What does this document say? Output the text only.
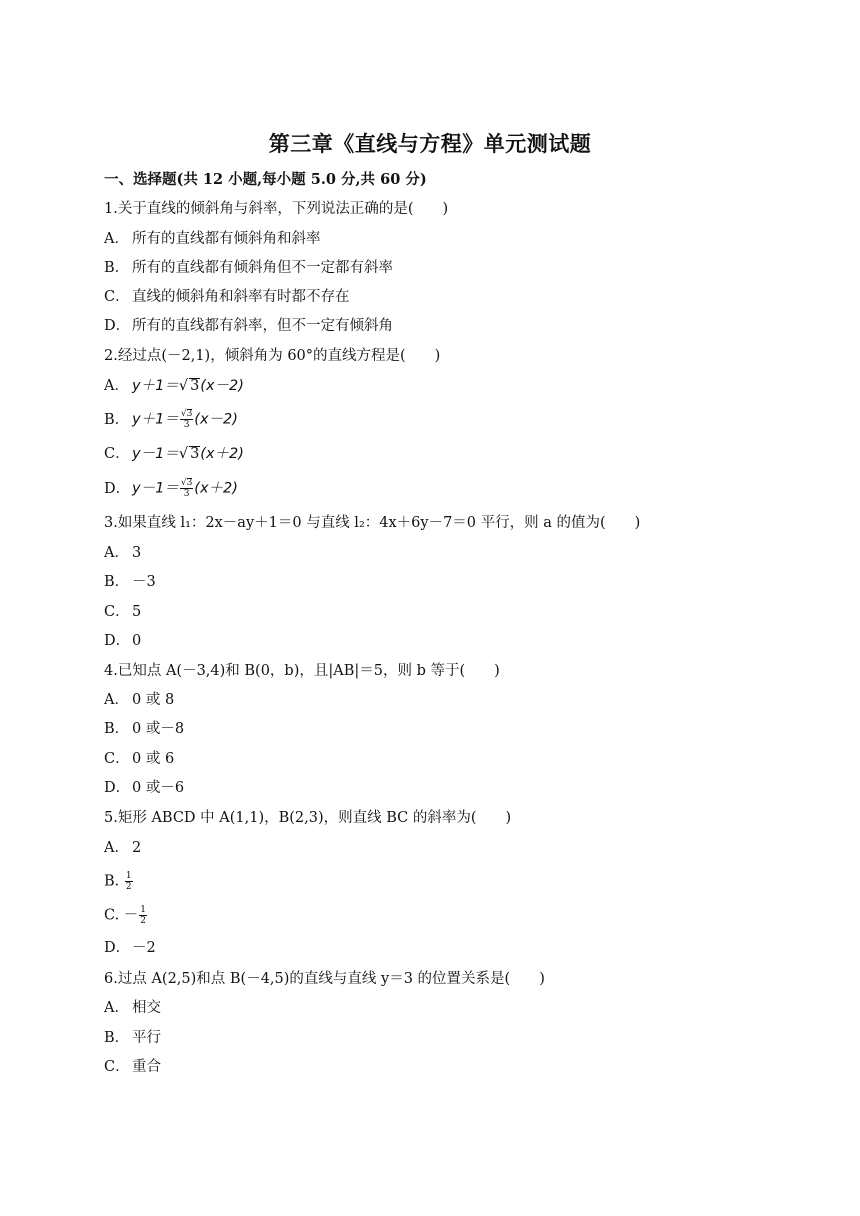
第三章《直线与方程》单元测试题
一、选择题(共 12 小题,每小题 5.0 分,共 60 分)
1.关于直线的倾斜角与斜率，下列说法正确的是(　　)
A． 所有的直线都有倾斜角和斜率
B． 所有的直线都有倾斜角但不一定都有斜率
C． 直线的倾斜角和斜率有时都不存在
D． 所有的直线都有斜率，但不一定有倾斜角
2.经过点(－2,1)，倾斜角为 60°的直线方程是(　　)
A． y＋1＝√ 3(x－2)
B． $y+1= \frac{√3}{3} (x-2)$
C． y－1＝√ 3(x＋2)
D． $y-1= \frac{√3}{3} (x+2)$
3.如果直线 l₁：2x－ay＋1＝0 与直线 l₂：4x＋6y－7＝0 平行，则 a 的值为(　　)
A． 3
B． －3
C． 5
D． 0
4.已知点 A(－3,4)和 B(0，b)，且|AB|＝5，则 b 等于(　　)
A． 0 或 8
B． 0 或－8
C． 0 或 6
D． 0 或－6
5.矩形 ABCD 中 A(1,1)，B(2,3)，则直线 BC 的斜率为(　　)
A． 2
B. $\frac{1}{2}$
C. － $\frac{1}{2}$
D． －2
6.过点 A(2,5)和点 B(－4,5)的直线与直线 y＝3 的位置关系是(　　)
A． 相交
B． 平行
C． 重合
